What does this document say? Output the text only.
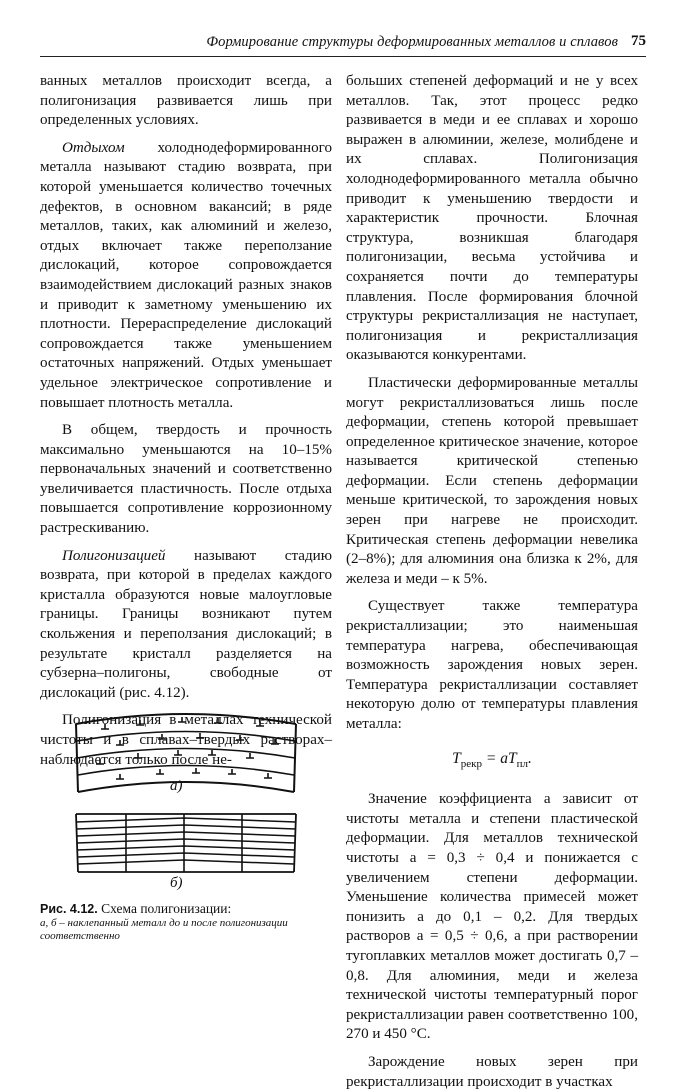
Формирование структуры деформированных металлов и сплавов 75

ванных металлов происходит всегда, а полигонизация развивается лишь при определенных условиях.

Отдыхом холоднодеформированного металла называют стадию возврата, при которой уменьшается количество точечных дефектов, в основном вакансий; в ряде металлов, таких, как алюминий и железо, отдых включает также переползание дислокаций, которое сопровождается взаимодействием дислокаций разных знаков и приводит к заметному уменьшению их плотности. Перераспределение дислокаций сопровождается также уменьшением остаточных напряжений. Отдых уменьшает удельное электрическое сопротивление и повышает плотность металла.

В общем, твердость и прочность максимально уменьшаются на 10–15% первоначальных значений и соответственно увеличивается пластичность. После отдыха повышается сопротивление коррозионному растрескиванию.

Полигонизацией называют стадию возврата, при которой в пределах каждого кристалла образуются новые малоугловые границы. Границы возникают путем скольжения и переползания дислокаций; в результате кристалл разделяется на субзерна–полигоны, свободные от дислокаций (рис. 4.12).

Полигонизация в металлах технической чистоты и в сплавах–твердых растворах–наблюдается только после не-

а)
б)
Рис. 4.12. Схема полигонизации:
а, б – наклепанный металл до и после полигонизации соответственно

больших степеней деформаций и не у всех металлов. Так, этот процесс редко развивается в меди и ее сплавах и хорошо выражен в алюминии, железе, молибдене и их сплавах. Полигонизация холоднодеформированного металла обычно приводит к уменьшению твердости и характеристик прочности. Блочная структура, возникшая благодаря полигонизации, весьма устойчива и сохраняется почти до температуры плавления. После формирования блочной структуры рекристаллизация не наступает, полигонизация и рекристаллизация оказываются конкурентами.

Пластически деформированные металлы могут рекристаллизоваться лишь после деформации, степень которой превышает определенное критическое значение, которое называется критической степенью деформации. Если степень деформации меньше критической, то зарождения новых зерен при нагреве не происходит. Критическая степень деформации невелика (2–8%); для алюминия она близка к 2%, для железа и меди – к 5%.

Существует также температура рекристаллизации; это наименьшая температура нагрева, обеспечивающая возможность зарождения новых зерен. Температура рекристаллизации составляет некоторую долю от температуры плавления металла:

$T_{рекр} = aT_{пл}$.

Значение коэффициента a зависит от чистоты металла и степени пластической деформации. Для металлов технической чистоты a = 0,3 ÷ 0,4 и понижается с увеличением степени деформации. Уменьшение количества примесей может понизить a до 0,1 – 0,2. Для твердых растворов a = 0,5 ÷ 0,6, а при растворении тугоплавких металлов может достигать 0,7 – 0,8. Для алюминия, меди и железа технической чистоты температурный порог рекристаллизации равен соответственно 100, 270 и 450 °C.

Зарождение новых зерен при рекристаллизации происходит в участках
